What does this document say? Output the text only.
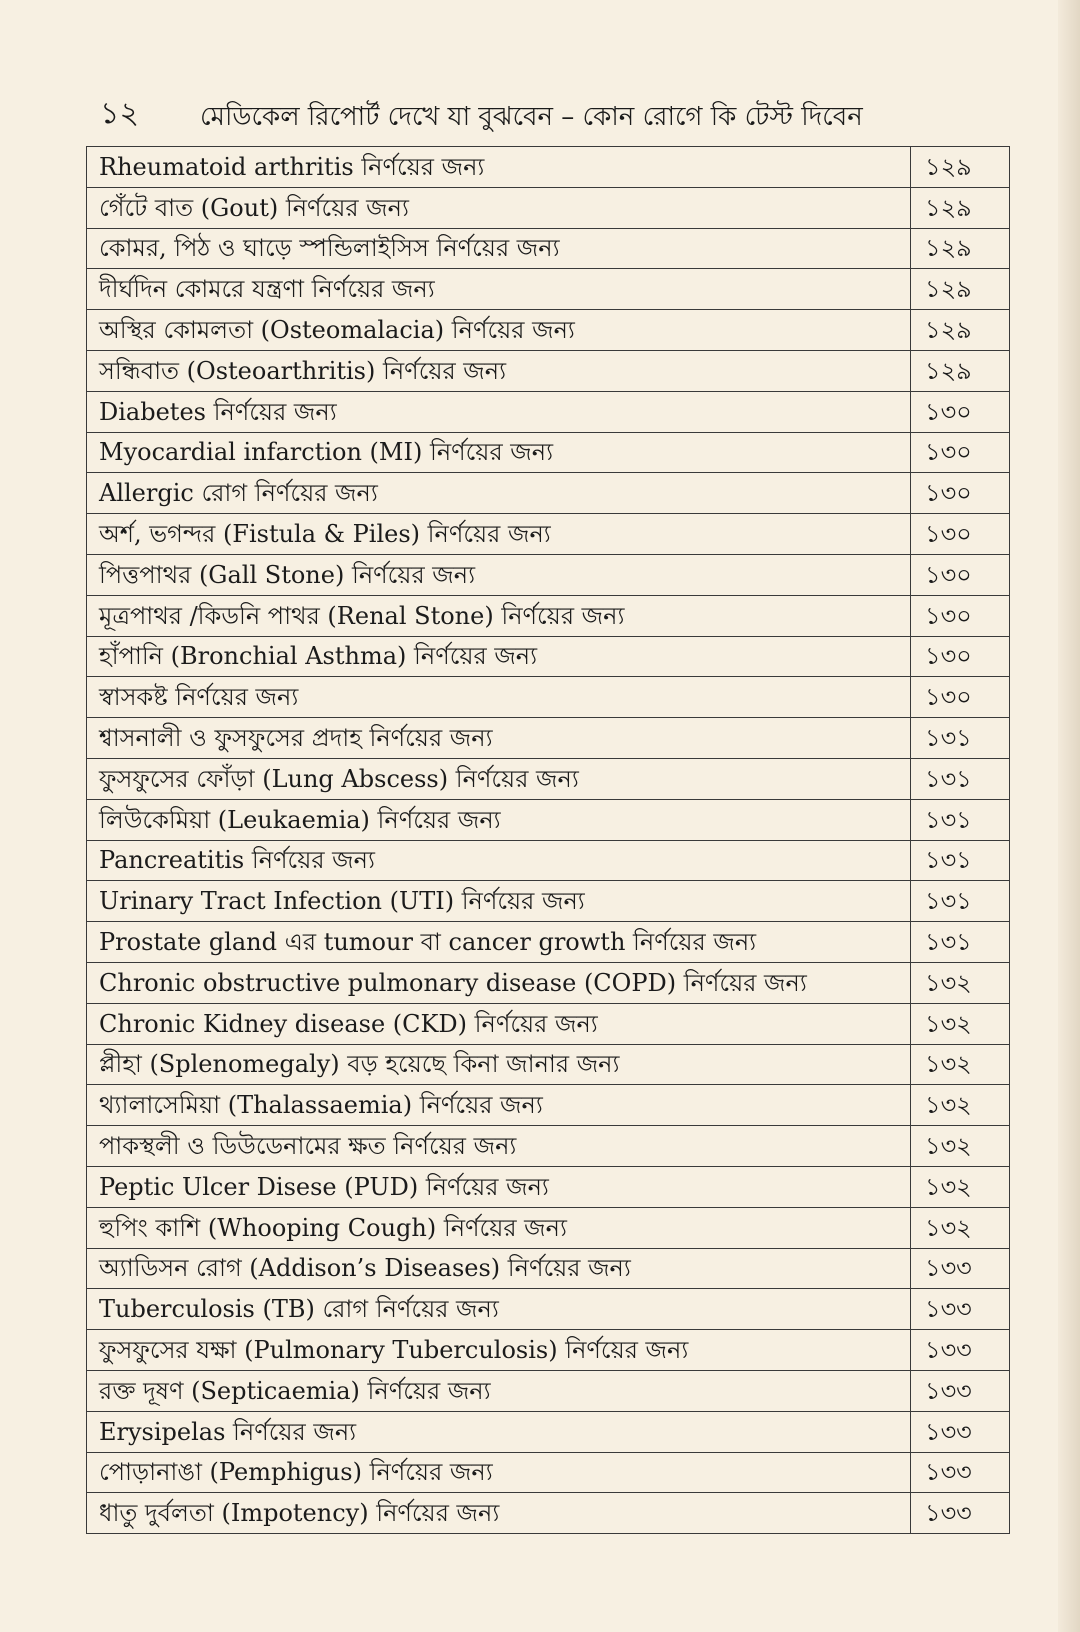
১২	মেডিকেল রিপোর্ট দেখে যা বুঝবেন – কোন রোগে কি টেস্ট দিবেন
Rheumatoid arthritis নির্ণয়ের জন্য	১২৯
গেঁটে বাত (Gout) নির্ণয়ের জন্য	১২৯
কোমর, পিঠ ও ঘাড়ে স্পন্ডিলাইসিস নির্ণয়ের জন্য	১২৯
দীর্ঘদিন কোমরে যন্ত্রণা নির্ণয়ের জন্য	১২৯
অস্থির কোমলতা (Osteomalacia) নির্ণয়ের জন্য	১২৯
সন্ধিবাত (Osteoarthritis) নির্ণয়ের জন্য	১২৯
Diabetes নির্ণয়ের জন্য	১৩০
Myocardial infarction (MI) নির্ণয়ের জন্য	১৩০
Allergic রোগ নির্ণয়ের জন্য	১৩০
অর্শ, ভগন্দর (Fistula & Piles) নির্ণয়ের জন্য	১৩০
পিত্তপাথর (Gall Stone) নির্ণয়ের জন্য	১৩০
মূত্রপাথর /কিডনি পাথর (Renal Stone) নির্ণয়ের জন্য	১৩০
হাঁপানি (Bronchial Asthma) নির্ণয়ের জন্য	১৩০
স্বাসকষ্ট নির্ণয়ের জন্য	১৩০
শ্বাসনালী ও ফুসফুসের প্রদাহ নির্ণয়ের জন্য	১৩১
ফুসফুসের ফোঁড়া (Lung Abscess) নির্ণয়ের জন্য	১৩১
লিউকেমিয়া (Leukaemia) নির্ণয়ের জন্য	১৩১
Pancreatitis নির্ণয়ের জন্য	১৩১
Urinary Tract Infection (UTI) নির্ণয়ের জন্য	১৩১
Prostate gland এর tumour বা cancer growth নির্ণয়ের জন্য	১৩১
Chronic obstructive pulmonary disease (COPD) নির্ণয়ের জন্য	১৩২
Chronic Kidney disease (CKD) নির্ণয়ের জন্য	১৩২
প্লীহা (Splenomegaly) বড় হয়েছে কিনা জানার জন্য	১৩২
থ্যালাসেমিয়া (Thalassaemia) নির্ণয়ের জন্য	১৩২
পাকস্থলী ও ডিউডেনামের ক্ষত নির্ণয়ের জন্য	১৩২
Peptic Ulcer Disese (PUD) নির্ণয়ের জন্য	১৩২
হুপিং কাশি (Whooping Cough) নির্ণয়ের জন্য	১৩২
অ্যাডিসন রোগ (Addison’s Diseases) নির্ণয়ের জন্য	১৩৩
Tuberculosis (TB) রোগ নির্ণয়ের জন্য	১৩৩
ফুসফুসের যক্ষা (Pulmonary Tuberculosis) নির্ণয়ের জন্য	১৩৩
রক্ত দূষণ (Septicaemia) নির্ণয়ের জন্য	১৩৩
Erysipelas নির্ণয়ের জন্য	১৩৩
পোড়ানাঙা (Pemphigus) নির্ণয়ের জন্য	১৩৩
ধাতু দুর্বলতা (Impotency) নির্ণয়ের জন্য	১৩৩
